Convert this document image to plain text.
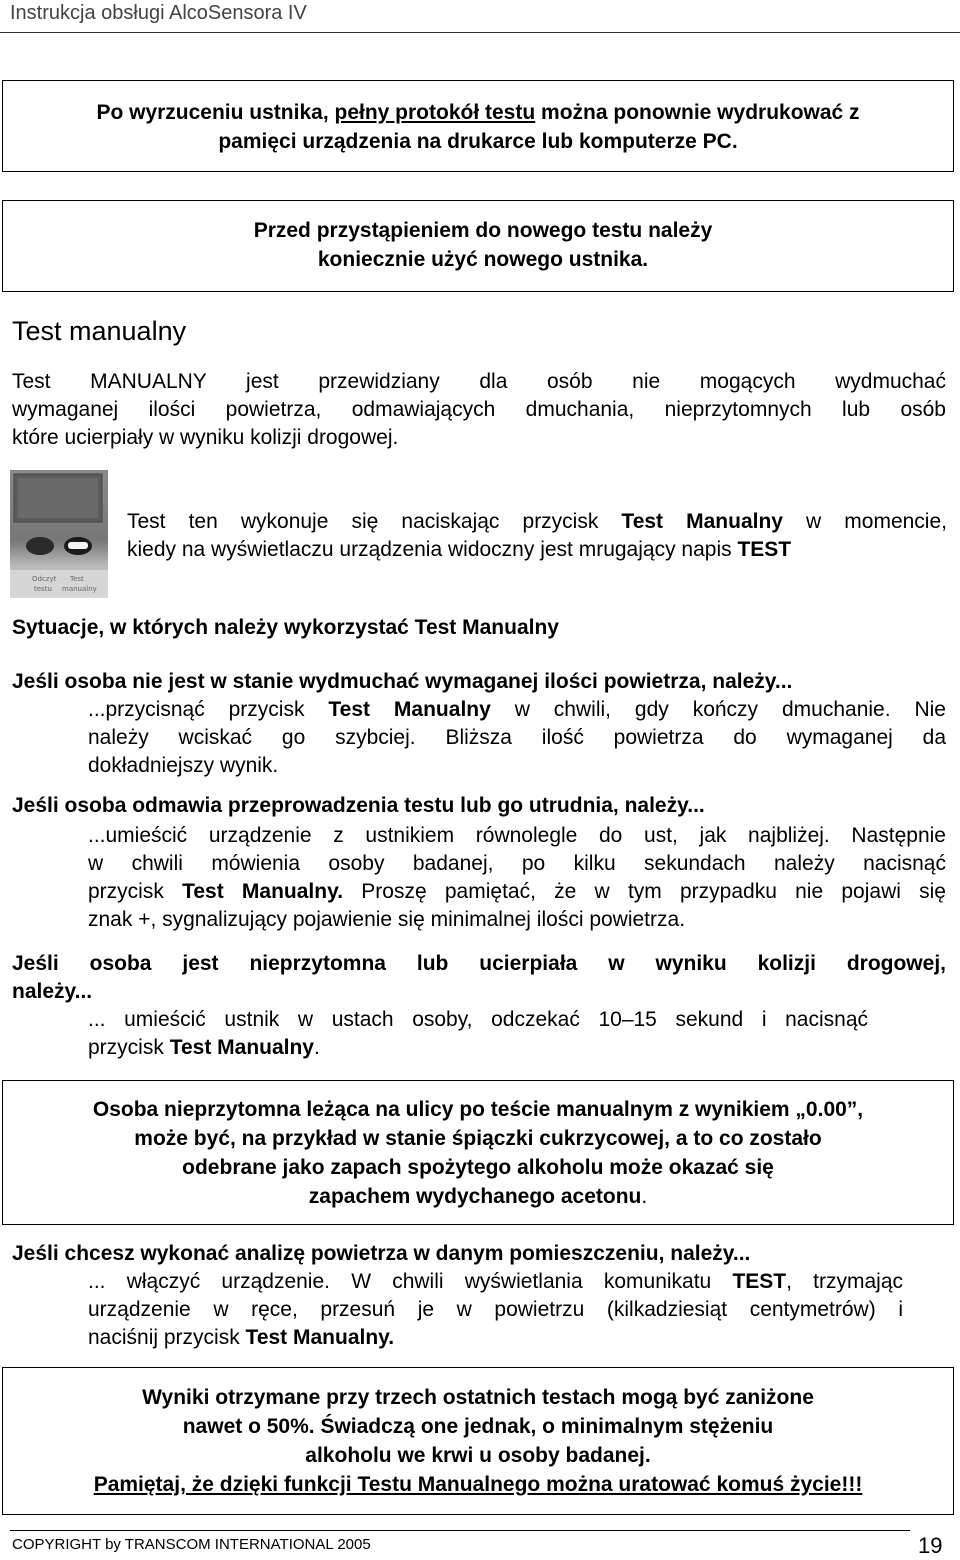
Instrukcja obsługi AlcoSensora IV

Po wyrzuceniu ustnika, pełny protokół testu można ponownie wydrukować z

pamięci urządzenia na drukarce lub komputerze PC.

Przed przystąpieniem do nowego testu należy

koniecznie użyć nowego ustnika.

Test manualny

Test MANUALNY jest przewidziany dla osób nie mogących wydmuchać
wymaganej ilości powietrza, odmawiających dmuchania, nieprzytomnych lub osób
które ucierpiały w wyniku kolizji drogowej.

Odczyt
testu
Test
manualny

Test ten wykonuje się naciskając przycisk Test Manualny w momencie,
kiedy na wyświetlaczu urządzenia widoczny jest mrugający napis TEST

Sytuacje, w których należy wykorzystać Test Manualny

Jeśli osoba nie jest w stanie wydmuchać wymaganej ilości powietrza, należy...

...przycisnąć przycisk Test Manualny w chwili, gdy kończy dmuchanie. Nie
należy wciskać go szybciej. Bliższa ilość powietrza do wymaganej da
dokładniejszy wynik.

Jeśli osoba odmawia przeprowadzenia testu lub go utrudnia, należy...

...umieścić urządzenie z ustnikiem równolegle do ust, jak najbliżej. Następnie
w chwili mówienia osoby badanej, po kilku sekundach należy nacisnąć
przycisk Test Manualny. Proszę pamiętać, że w tym przypadku nie pojawi się
znak +, sygnalizujący pojawienie się minimalnej ilości powietrza.

Jeśli osoba jest nieprzytomna lub ucierpiała w wyniku kolizji drogowej,
należy...

... umieścić ustnik w ustach osoby, odczekać 10–15 sekund i nacisnąć
przycisk Test Manualny.

Osoba nieprzytomna leżąca na ulicy po teście manualnym z wynikiem „0.00”,

może być, na przykład w stanie śpiączki cukrzycowej, a to co zostało

odebrane jako zapach spożytego alkoholu może okazać się

zapachem wydychanego acetonu.

Jeśli chcesz wykonać analizę powietrza w danym pomieszczeniu, należy...

... włączyć urządzenie. W chwili wyświetlania komunikatu TEST, trzymając
urządzenie w ręce, przesuń je w powietrzu (kilkadziesiąt centymetrów) i
naciśnij przycisk Test Manualny.

Wyniki otrzymane przy trzech ostatnich testach mogą być zaniżone

nawet o 50%. Świadczą one jednak, o minimalnym stężeniu

alkoholu we krwi u osoby badanej.

Pamiętaj, że dzięki funkcji Testu Manualnego można uratować komuś życie!!!

COPYRIGHT by TRANSCOM INTERNATIONAL 2005	19
